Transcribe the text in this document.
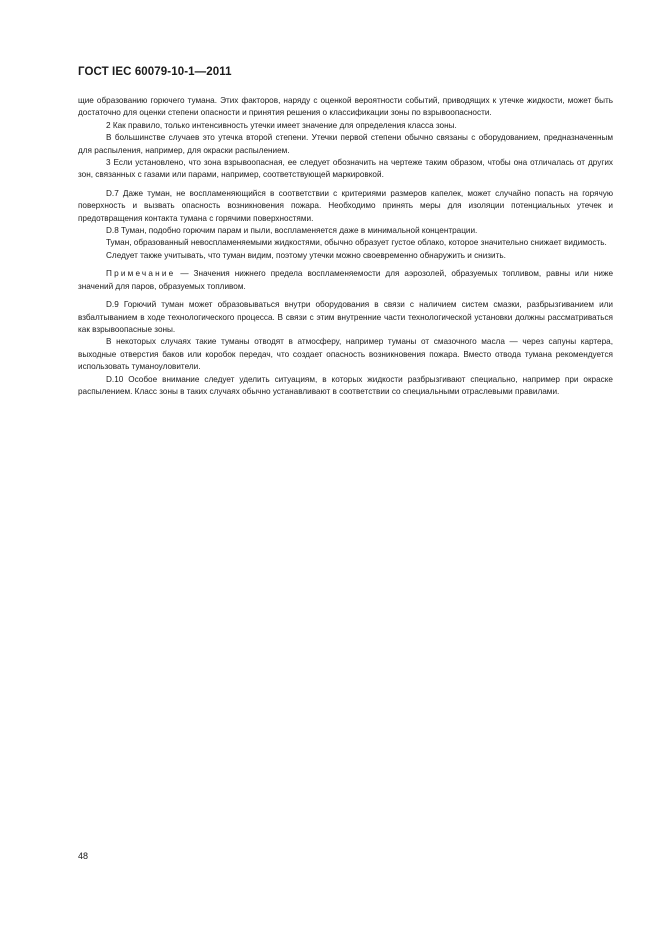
ГОСТ IEC 60079-10-1—2011

щие образованию горючего тумана. Этих факторов, наряду с оценкой вероятности событий, приводящих к утечке жидкости, может быть достаточно для оценки степени опасности и принятия решения о классификации зоны по взрывоопасности.

2 Как правило, только интенсивность утечки имеет значение для определения класса зоны.

В большинстве случаев это утечка второй степени. Утечки первой степени обычно связаны с оборудованием, предназначенным для распыления, например, для окраски распылением.

3 Если установлено, что зона взрывоопасная, ее следует обозначить на чертеже таким образом, чтобы она отличалась от других зон, связанных с газами или парами, например, соответствующей маркировкой.

D.7 Даже туман, не воспламеняющийся в соответствии с критериями размеров капелек, может случайно попасть на горячую поверхность и вызвать опасность возникновения пожара. Необходимо принять меры для изоляции потенциальных утечек и предотвращения контакта тумана с горячими поверхностями.

D.8 Туман, подобно горючим парам и пыли, воспламеняется даже в минимальной концентрации.

Туман, образованный невоспламеняемыми жидкостями, обычно образует густое облако, которое значительно снижает видимость.

Следует также учитывать, что туман видим, поэтому утечки можно своевременно обнаружить и снизить.

Примечание — Значения нижнего предела воспламеняемости для аэрозолей, образуемых топливом, равны или ниже значений для паров, образуемых топливом.

D.9 Горючий туман может образовываться внутри оборудования в связи с наличием систем смазки, разбрызгиванием или взбалтыванием в ходе технологического процесса. В связи с этим внутренние части технологической установки должны рассматриваться как взрывоопасные зоны.

В некоторых случаях такие туманы отводят в атмосферу, например туманы от смазочного масла — через сапуны картера, выходные отверстия баков или коробок передач, что создает опасность возникновения пожара. Вместо отвода тумана рекомендуется использовать туманоуловители.

D.10 Особое внимание следует уделить ситуациям, в которых жидкости разбрызгивают специально, например при окраске распылением. Класс зоны в таких случаях обычно устанавливают в соответствии со специальными отраслевыми правилами.

48
